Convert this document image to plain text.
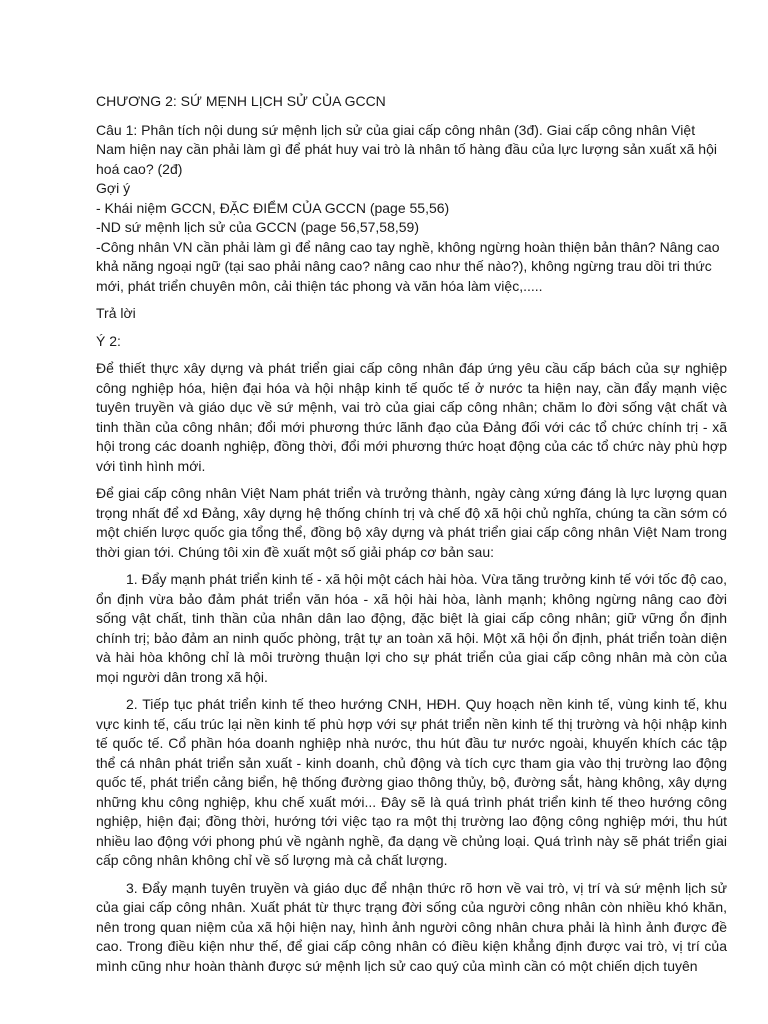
CHƯƠNG 2: SỨ MẸNH LỊCH SỬ CỦA GCCN

Câu 1: Phân tích nội dung sứ mệnh lịch sử của giai cấp công nhân (3đ). Giai cấp công nhân Việt Nam hiện nay cần phải làm gì để phát huy vai trò là nhân tố hàng đầu của lực lượng sản xuất xã hội hoá cao? (2đ)

Gợi ý

- Khái niệm GCCN, ĐẶC ĐIỂM CỦA GCCN (page 55,56)

-ND sứ mệnh lịch sử của GCCN (page 56,57,58,59)

-Công nhân VN cần phải làm gì để nâng cao tay nghề, không ngừng hoàn thiện bản thân? Nâng cao khả năng ngoại ngữ (tại sao phải nâng cao? nâng cao như thế nào?), không ngừng trau dồi tri thức mới, phát triển chuyên môn, cải thiện tác phong và văn hóa làm việc,.....

Trả lời

Ý 2:

Để thiết thực xây dựng và phát triển giai cấp công nhân đáp ứng yêu cầu cấp bách của sự nghiệp công nghiệp hóa, hiện đại hóa và hội nhập kinh tế quốc tế ở nước ta hiện nay, cần đẩy mạnh việc tuyên truyền và giáo dục về sứ mệnh, vai trò của giai cấp công nhân; chăm lo đời sống vật chất và tinh thần của công nhân; đổi mới phương thức lãnh đạo của Đảng đối với các tổ chức chính trị - xã hội trong các doanh nghiệp, đồng thời, đổi mới phương thức hoạt động của các tổ chức này phù hợp với tình hình mới.

Để giai cấp công nhân Việt Nam phát triển và trưởng thành, ngày càng xứng đáng là lực lượng quan trọng nhất để xd Đảng, xây dựng hệ thống chính trị và chế độ xã hội chủ nghĩa, chúng ta cần sớm có một chiến lược quốc gia tổng thể, đồng bộ xây dựng và phát triển giai cấp công nhân Việt Nam trong thời gian tới. Chúng tôi xin đề xuất một số giải pháp cơ bản sau:

1. Đẩy mạnh phát triển kinh tế - xã hội một cách hài hòa. Vừa tăng trưởng kinh tế với tốc độ cao, ổn định vừa bảo đảm phát triển văn hóa - xã hội hài hòa, lành mạnh; không ngừng nâng cao đời sống vật chất, tinh thần của nhân dân lao động, đặc biệt là giai cấp công nhân; giữ vững ổn định chính trị; bảo đảm an ninh quốc phòng, trật tự an toàn xã hội. Một xã hội ổn định, phát triển toàn diện và hài hòa không chỉ là môi trường thuận lợi cho sự phát triển của giai cấp công nhân mà còn của mọi người dân trong xã hội.

2. Tiếp tục phát triển kinh tế theo hướng CNH, HĐH. Quy hoạch nền kinh tế, vùng kinh tế, khu vực kinh tế, cấu trúc lại nền kinh tế phù hợp với sự phát triển nền kinh tế thị trường và hội nhập kinh tế quốc tế. Cổ phần hóa doanh nghiệp nhà nước, thu hút đầu tư nước ngoài, khuyến khích các tập thể cá nhân phát triển sản xuất - kinh doanh, chủ động và tích cực tham gia vào thị trường lao động quốc tế, phát triển cảng biển, hệ thống đường giao thông thủy, bộ, đường sắt, hàng không, xây dựng những khu công nghiệp, khu chế xuất mới... Đây sẽ là quá trình phát triển kinh tế theo hướng công nghiệp, hiện đại; đồng thời, hướng tới việc tạo ra một thị trường lao động công nghiệp mới, thu hút nhiều lao động với phong phú về ngành nghề, đa dạng về chủng loại. Quá trình này sẽ phát triển giai cấp công nhân không chỉ về số lượng mà cả chất lượng.

3. Đẩy mạnh tuyên truyền và giáo dục để nhận thức rõ hơn về vai trò, vị trí và sứ mệnh lịch sử của giai cấp công nhân. Xuất phát từ thực trạng đời sống của người công nhân còn nhiều khó khăn, nên trong quan niệm của xã hội hiện nay, hình ảnh người công nhân chưa phải là hình ảnh được đề cao. Trong điều kiện như thế, để giai cấp công nhân có điều kiện khẳng định được vai trò, vị trí của mình cũng như hoàn thành được sứ mệnh lịch sử cao quý của mình cần có một chiến dịch tuyên
